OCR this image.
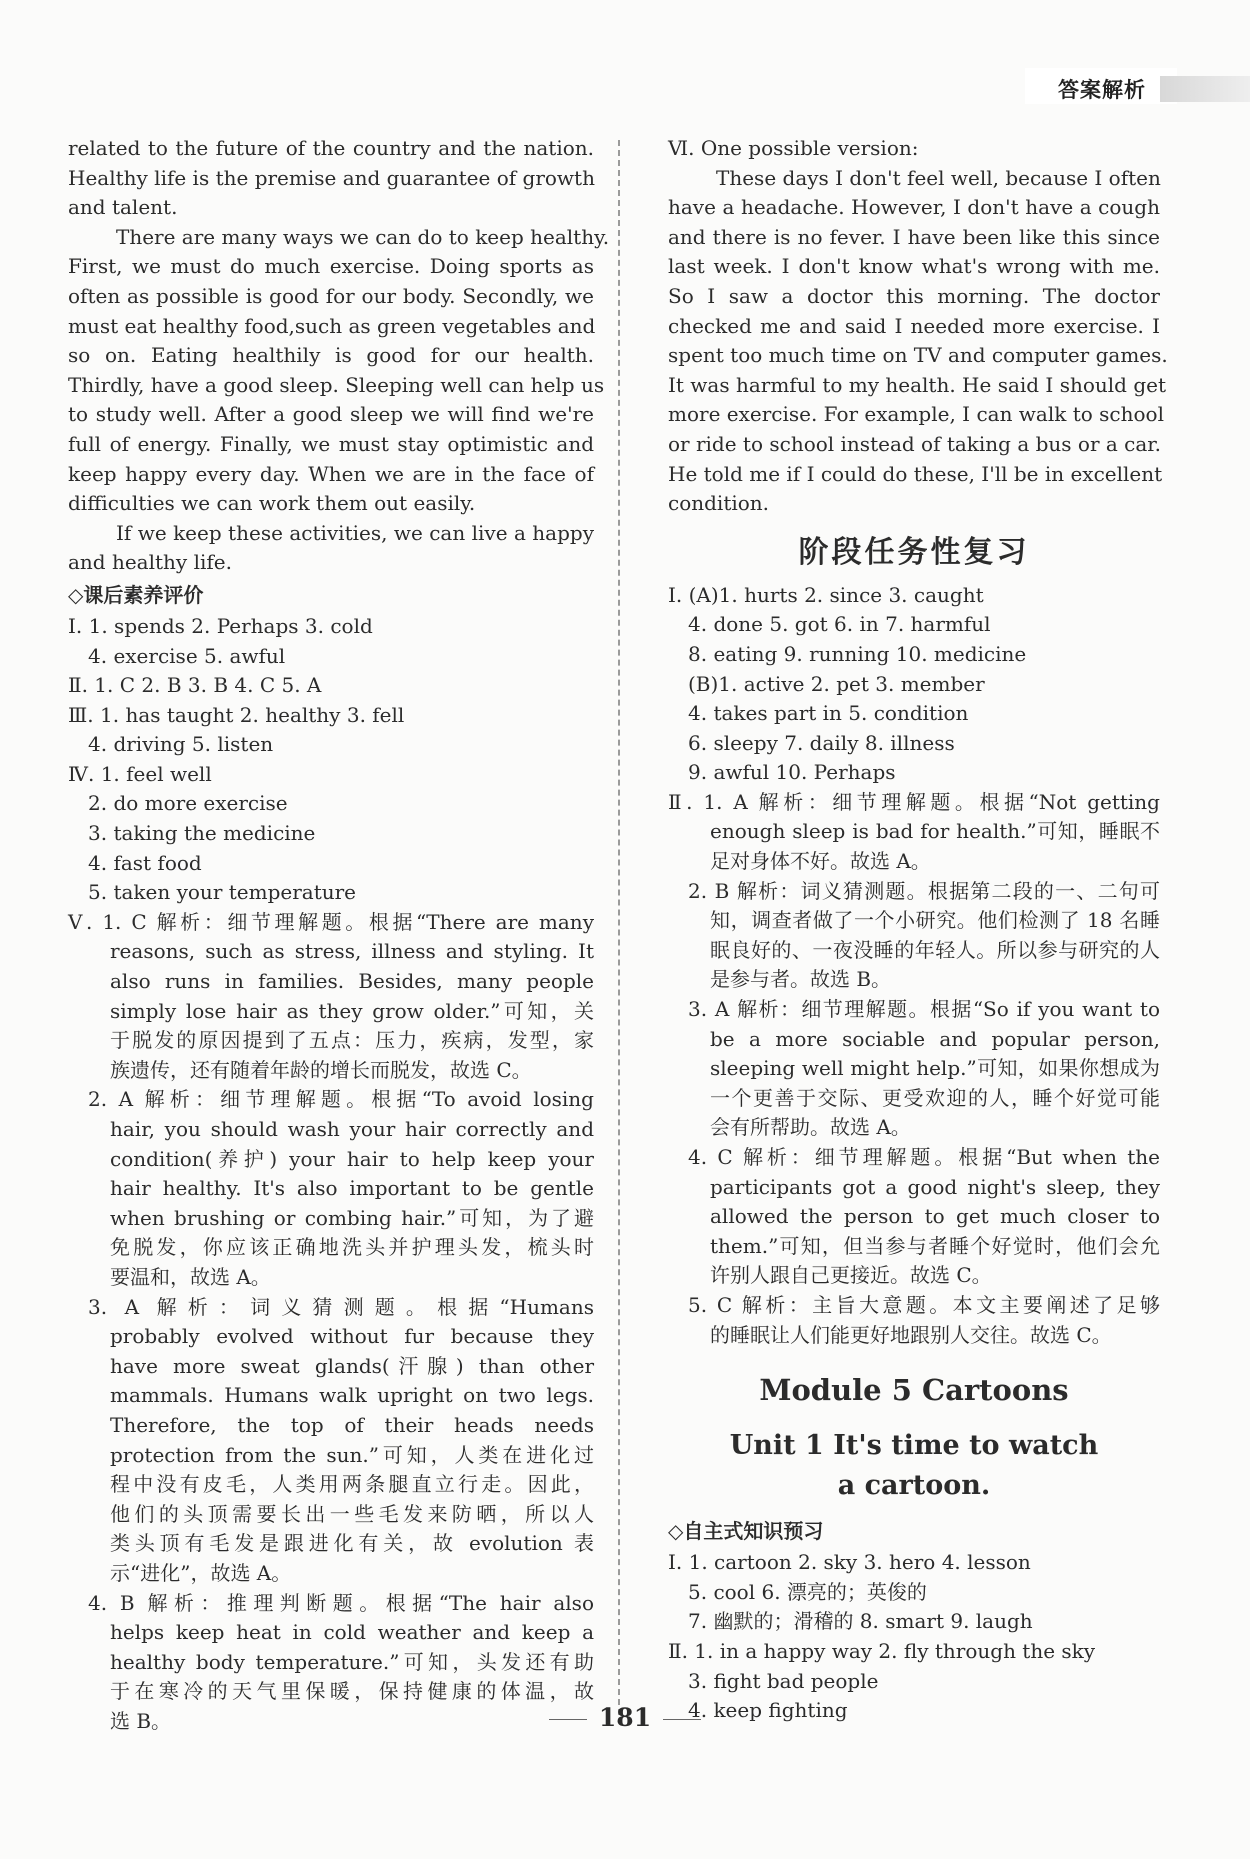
答案解析
related to the future of the country and the nation.
Healthy life is the premise and guarantee of growth
and talent.
There are many ways we can do to keep healthy.
First, we must do much exercise. Doing sports as
often as possible is good for our body. Secondly, we
must eat healthy food,such as green vegetables and
so on. Eating healthily is good for our health.
Thirdly, have a good sleep. Sleeping well can help us
to study well. After a good sleep we will find we're
full of energy. Finally, we must stay optimistic and
keep happy every day. When we are in the face of
difficulties we can work them out easily.
If we keep these activities, we can live a happy
and healthy life.
◇课后素养评价
Ⅰ. 1. spends 2. Perhaps 3. cold
4. exercise 5. awful
Ⅱ. 1. C 2. B 3. B 4. C 5. A
Ⅲ. 1. has taught 2. healthy 3. fell
4. driving 5. listen
Ⅳ. 1. feel well
2. do more exercise
3. taking the medicine
4. fast food
5. taken your temperature
Ⅴ. 1. C 解析：细节理解题。根据“There are many
reasons, such as stress, illness and styling. It
also runs in families. Besides, many people
simply lose hair as they grow older.”可知，关
于脱发的原因提到了五点：压力，疾病，发型，家
族遗传，还有随着年龄的增长而脱发，故选 C。
2. A 解析：细节理解题。根据“To avoid losing
hair, you should wash your hair correctly and
condition(养护) your hair to help keep your
hair healthy. It's also important to be gentle
when brushing or combing hair.”可知，为了避
免脱发，你应该正确地洗头并护理头发，梳头时
要温和，故选 A。
3. A 解析：词义猜测题。根据“Humans
probably evolved without fur because they
have more sweat glands(汗腺) than other
mammals. Humans walk upright on two legs.
Therefore, the top of their heads needs
protection from the sun.”可知，人类在进化过
程中没有皮毛，人类用两条腿直立行走。因此，
他们的头顶需要长出一些毛发来防晒，所以人
类头顶有毛发是跟进化有关，故 evolution 表
示“进化”，故选 A。
4. B 解析：推理判断题。根据“The hair also
helps keep heat in cold weather and keep a
healthy body temperature.”可知，头发还有助
于在寒冷的天气里保暖，保持健康的体温，故
选 B。
Ⅵ. One possible version:
These days I don't feel well, because I often
have a headache. However, I don't have a cough
and there is no fever. I have been like this since
last week. I don't know what's wrong with me.
So I saw a doctor this morning. The doctor
checked me and said I needed more exercise. I
spent too much time on TV and computer games.
It was harmful to my health. He said I should get
more exercise. For example, I can walk to school
or ride to school instead of taking a bus or a car.
He told me if I could do these, I'll be in excellent
condition.
阶段任务性复习
Ⅰ. (A)1. hurts 2. since 3. caught
4. done 5. got 6. in 7. harmful
8. eating 9. running 10. medicine
(B)1. active 2. pet 3. member
4. takes part in 5. condition
6. sleepy 7. daily 8. illness
9. awful 10. Perhaps
Ⅱ. 1. A 解析：细节理解题。根据“Not getting
enough sleep is bad for health.”可知，睡眠不
足对身体不好。故选 A。
2. B 解析：词义猜测题。根据第二段的一、二句可
知，调查者做了一个小研究。他们检测了 18 名睡
眠良好的、一夜没睡的年轻人。所以参与研究的人
是参与者。故选 B。
3. A 解析：细节理解题。根据“So if you want to
be a more sociable and popular person,
sleeping well might help.”可知，如果你想成为
一个更善于交际、更受欢迎的人，睡个好觉可能
会有所帮助。故选 A。
4. C 解析：细节理解题。根据“But when the
participants got a good night's sleep, they
allowed the person to get much closer to
them.”可知，但当参与者睡个好觉时，他们会允
许别人跟自己更接近。故选 C。
5. C 解析：主旨大意题。本文主要阐述了足够
的睡眠让人们能更好地跟别人交往。故选 C。
Module 5 Cartoons
Unit 1 It's time to watch
a cartoon.
◇自主式知识预习
Ⅰ. 1. cartoon 2. sky 3. hero 4. lesson
5. cool 6. 漂亮的；英俊的
7. 幽默的；滑稽的 8. smart 9. laugh
Ⅱ. 1. in a happy way 2. fly through the sky
3. fight bad people
4. keep fighting
181
